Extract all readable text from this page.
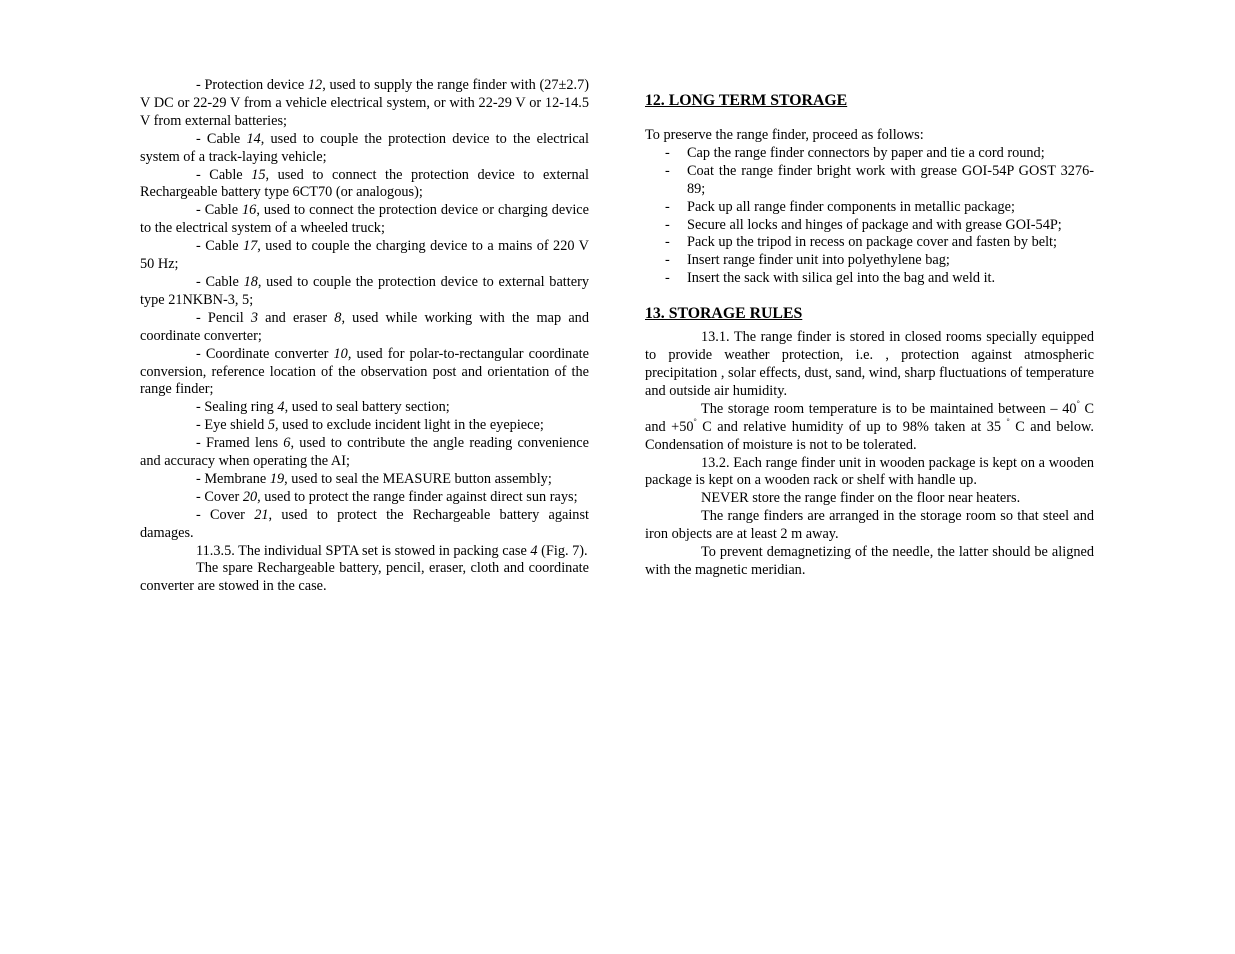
- Protection device 12, used to supply the range finder with (27±2.7) V DC or 22-29 V from a vehicle electrical system, or with 22-29 V or 12-14.5 V from external batteries;

- Cable 14, used to couple the protection device to the electrical system of a track-laying vehicle;

- Cable 15, used to connect the protection device to external Rechargeable battery type 6CT70 (or analogous);

- Cable 16, used to connect the protection device or charging device to the electrical system of a wheeled truck;

- Cable 17, used to couple the charging device to a mains of 220 V 50 Hz;

- Cable 18, used to couple the protection device to external battery type 21NKBN-3, 5;

- Pencil 3 and eraser 8, used while working with the map and coordinate converter;

- Coordinate converter 10, used for polar-to-rectangular coordinate conversion, reference location of the observation post and orientation of the range finder;

- Sealing ring 4, used to seal battery section;

- Eye shield 5, used to exclude incident light in the eyepiece;

- Framed lens 6, used to contribute the angle reading convenience and accuracy when operating the AI;

- Membrane 19, used to seal the MEASURE button assembly;

- Cover 20, used to protect the range finder against direct sun rays;

- Cover 21, used to protect the Rechargeable battery against damages.

11.3.5. The individual SPTA set is stowed in packing case 4 (Fig. 7).

The spare Rechargeable battery, pencil, eraser, cloth and coordinate converter are stowed in the case.

12. LONG TERM STORAGE

To preserve the range finder, proceed as follows:

- Cap the range finder connectors by paper and tie a cord round;
- Coat the range finder bright work with grease GOI-54P GOST 3276-89;
- Pack up all range finder components in metallic package;
- Secure all locks and hinges of package and with grease GOI-54P;
- Pack up the tripod in recess on package cover and fasten by belt;
- Insert range finder unit into polyethylene bag;
- Insert the sack with silica gel into the bag and weld it.
13. STORAGE RULES

13.1. The range finder is stored in closed rooms specially equipped to provide weather protection, i.e. , protection against atmospheric precipitation , solar effects, dust, sand, wind, sharp fluctuations of temperature and outside air humidity.

The storage room temperature is to be maintained between – 40° C and +50° C and relative humidity of up to 98% taken at 35 ° C and below. Condensation of moisture is not to be tolerated.

13.2. Each range finder unit in wooden package is kept on a wooden package is kept on a wooden rack or shelf with handle up.

NEVER store the range finder on the floor near heaters.

The range finders are arranged in the storage room so that steel and iron objects are at least 2 m away.

To prevent demagnetizing of the needle, the latter should be aligned with the magnetic meridian.
